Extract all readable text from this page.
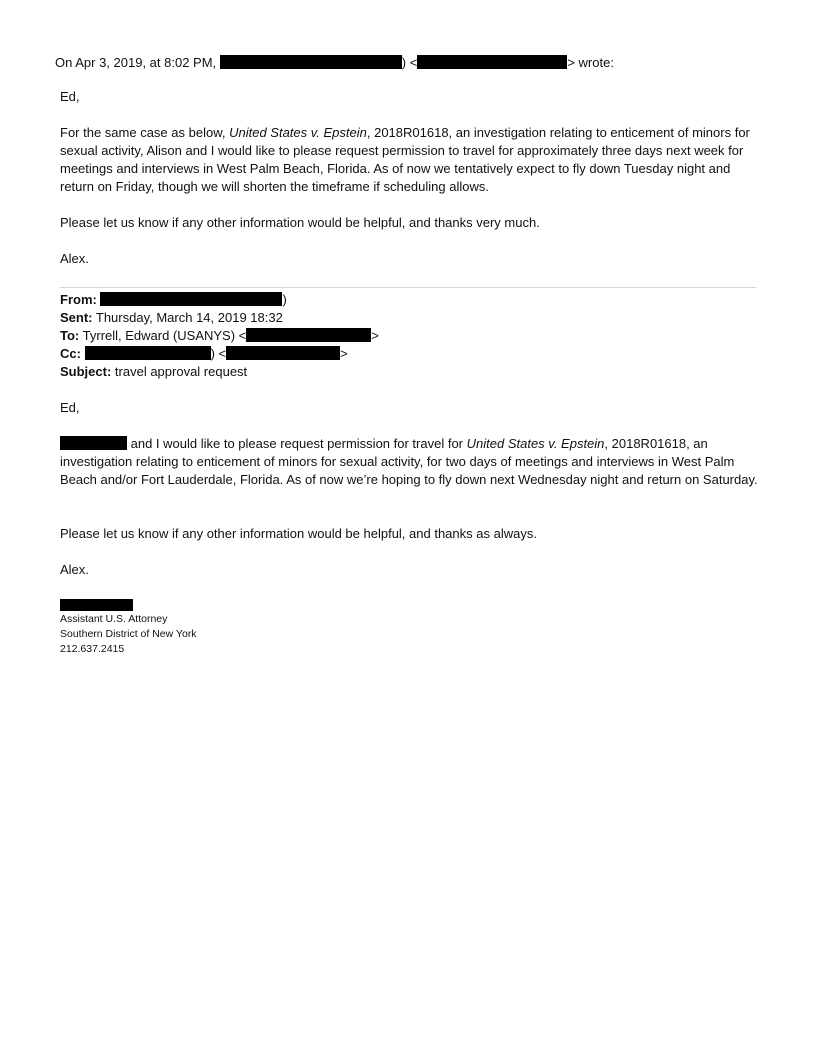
On Apr 3, 2019, at 8:02 PM,	) <	> wrote:
Ed,
For the same case as below, United States v. Epstein, 2018R01618, an investigation relating to enticement of minors for sexual activity, Alison and I would like to please request permission to travel for approximately three days next week for meetings and interviews in West Palm Beach, Florida. As of now we tentatively expect to fly down Tuesday night and return on Friday, though we will shorten the timeframe if scheduling allows.
Please let us know if any other information would be helpful, and thanks very much.
Alex.
From:	)
Sent: Thursday, March 14, 2019 18:32
To: Tyrrell, Edward (USANYS) <	>
Cc:	) <	>
Subject: travel approval request
Ed,
and I would like to please request permission for travel for United States v. Epstein, 2018R01618, an investigation relating to enticement of minors for sexual activity, for two days of meetings and interviews in West Palm Beach and/or Fort Lauderdale, Florida. As of now we’re hoping to fly down next Wednesday night and return on Saturday.
Please let us know if any other information would be helpful, and thanks as always.
Alex.
Assistant U.S. Attorney
Southern District of New York
212.637.2415
